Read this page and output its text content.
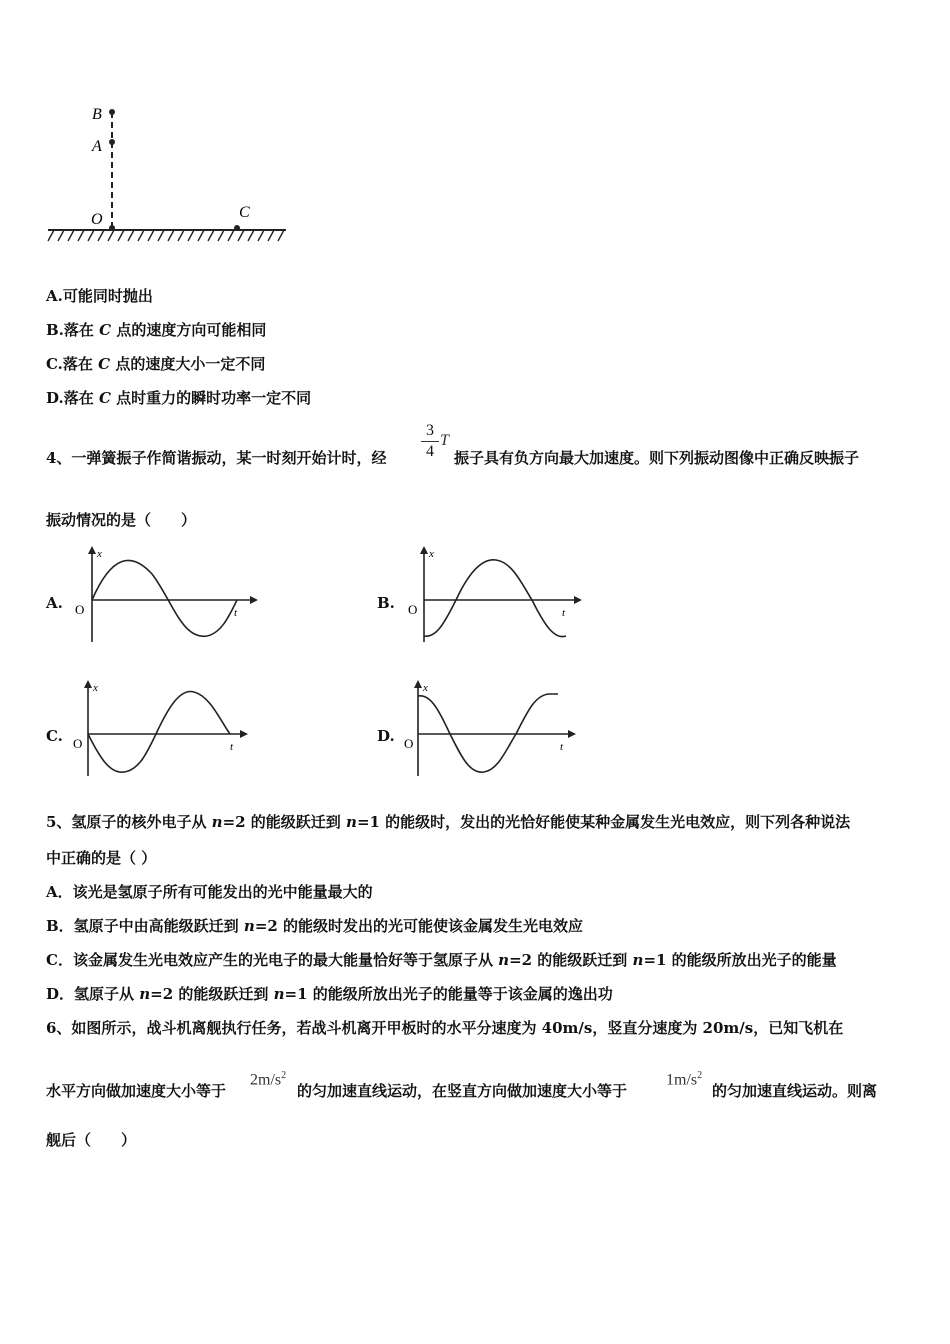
B
A
O	C
A.可能同时抛出
B.落在 C 点的速度方向可能相同
C.落在 C 点的速度大小一定不同
D.落在 C 点时重力的瞬时功率一定不同
4、一弹簧振子作简谐振动，某一时刻开始计时，经
3
4
T
振子具有负方向最大加速度。则下列振动图像中正确反映振子
振动情况的是（　　）
A.
x
t
O	B.
x
t
O
C.
x
t
O	D.
x
t
O
5、氢原子的核外电子从 n=2 的能级跃迁到 n=1 的能级时，发出的光恰好能使某种金属发生光电效应，则下列各种说法
中正确的是（ ）
A．该光是氢原子所有可能发出的光中能量最大的
B．氢原子中由高能级跃迁到 n=2 的能级时发出的光可能使该金属发生光电效应
C．该金属发生光电效应产生的光电子的最大能量恰好等于氢原子从 n=2 的能级跃迁到 n=1 的能级所放出光子的能量
D．氢原子从 n=2 的能级跃迁到 n=1 的能级所放出光子的能量等于该金属的逸出功
6、如图所示，战斗机离舰执行任务，若战斗机离开甲板时的水平分速度为 40m/s，竖直分速度为 20m/s，已知飞机在
水平方向做加速度大小等于
$2m/s^2$
的匀加速直线运动，在竖直方向做加速度大小等于
$1m/s^2$
的匀加速直线运动。则离
舰后（　　）
